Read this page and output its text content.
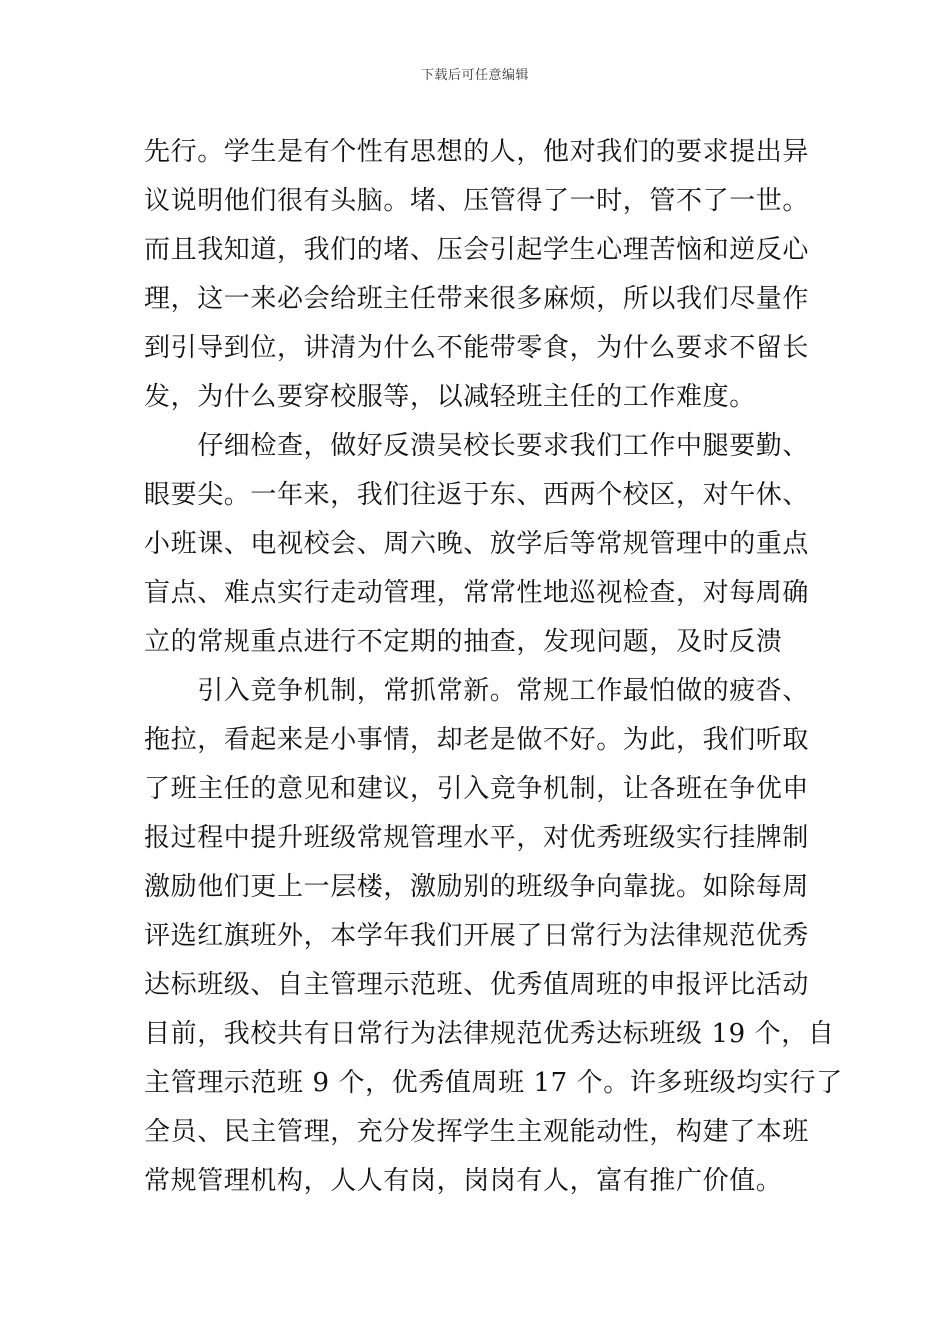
下载后可任意编辑
先行。学生是有个性有思想的人，他对我们的要求提出异
议说明他们很有头脑。堵、压管得了一时，管不了一世。
而且我知道，我们的堵、压会引起学生心理苦恼和逆反心
理，这一来必会给班主任带来很多麻烦，所以我们尽量作
到引导到位，讲清为什么不能带零食，为什么要求不留长
发，为什么要穿校服等，以减轻班主任的工作难度。
　　仔细检查，做好反溃吴校长要求我们工作中腿要勤、
眼要尖。一年来，我们往返于东、西两个校区，对午休、
小班课、电视校会、周六晚、放学后等常规管理中的重点
盲点、难点实行走动管理，常常性地巡视检查，对每周确
立的常规重点进行不定期的抽查，发现问题，及时反溃
　　引入竞争机制，常抓常新。常规工作最怕做的疲沓、
拖拉，看起来是小事情，却老是做不好。为此，我们听取
了班主任的意见和建议，引入竞争机制，让各班在争优申
报过程中提升班级常规管理水平，对优秀班级实行挂牌制
激励他们更上一层楼，激励别的班级争向靠拢。如除每周
评选红旗班外，本学年我们开展了日常行为法律规范优秀
达标班级、自主管理示范班、优秀值周班的申报评比活动
目前，我校共有日常行为法律规范优秀达标班级 19 个，自
主管理示范班 9 个，优秀值周班 17 个。许多班级均实行了
全员、民主管理，充分发挥学生主观能动性，构建了本班
常规管理机构，人人有岗，岗岗有人，富有推广价值。
